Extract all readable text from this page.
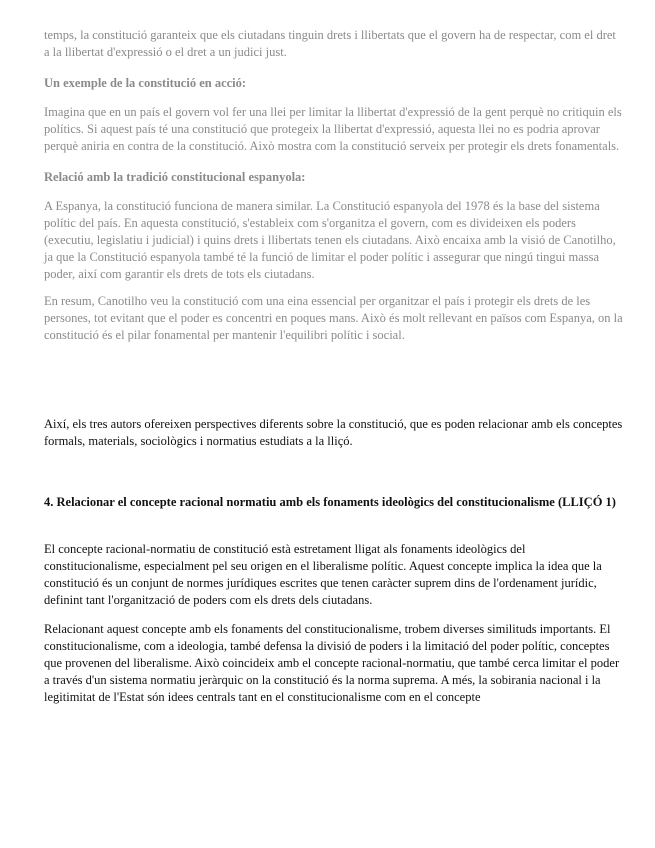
temps, la constitució garanteix que els ciutadans tinguin drets i llibertats que el govern ha de respectar, com el dret a la llibertat d'expressió o el dret a un judici just.

Un exemple de la constitució en acció:

Imagina que en un país el govern vol fer una llei per limitar la llibertat d'expressió de la gent perquè no critiquin els polítics. Si aquest país té una constitució que protegeix la llibertat d'expressió, aquesta llei no es podria aprovar perquè aniria en contra de la constitució. Això mostra com la constitució serveix per protegir els drets fonamentals.

Relació amb la tradició constitucional espanyola:

A Espanya, la constitució funciona de manera similar. La Constitució espanyola del 1978 és la base del sistema polític del país. En aquesta constitució, s'estableix com s'organitza el govern, com es divideixen els poders (executiu, legislatiu i judicial) i quins drets i llibertats tenen els ciutadans. Això encaixa amb la visió de Canotilho, ja que la Constitució espanyola també té la funció de limitar el poder polític i assegurar que ningú tingui massa poder, així com garantir els drets de tots els ciutadans.

En resum, Canotilho veu la constitució com una eina essencial per organitzar el país i protegir els drets de les persones, tot evitant que el poder es concentri en poques mans. Això és molt rellevant en països com Espanya, on la constitució és el pilar fonamental per mantenir l'equilibri polític i social.

Així, els tres autors ofereixen perspectives diferents sobre la constitució, que es poden relacionar amb els conceptes formals, materials, sociològics i normatius estudiats a la lliçó.

4. Relacionar el concepte racional normatiu amb els fonaments ideològics del constitucionalisme (LLIÇÓ 1)

El concepte racional-normatiu de constitució està estretament lligat als fonaments ideològics del constitucionalisme, especialment pel seu origen en el liberalisme polític. Aquest concepte implica la idea que la constitució és un conjunt de normes jurídiques escrites que tenen caràcter suprem dins de l'ordenament jurídic, definint tant l'organització de poders com els drets dels ciutadans.

Relacionant aquest concepte amb els fonaments del constitucionalisme, trobem diverses similituds importants. El constitucionalisme, com a ideologia, també defensa la divisió de poders i la limitació del poder polític, conceptes que provenen del liberalisme. Això coincideix amb el concepte racional-normatiu, que també cerca limitar el poder a través d'un sistema normatiu jeràrquic on la constitució és la norma suprema. A més, la sobirania nacional i la legitimitat de l'Estat són idees centrals tant en el constitucionalisme com en el concepte
